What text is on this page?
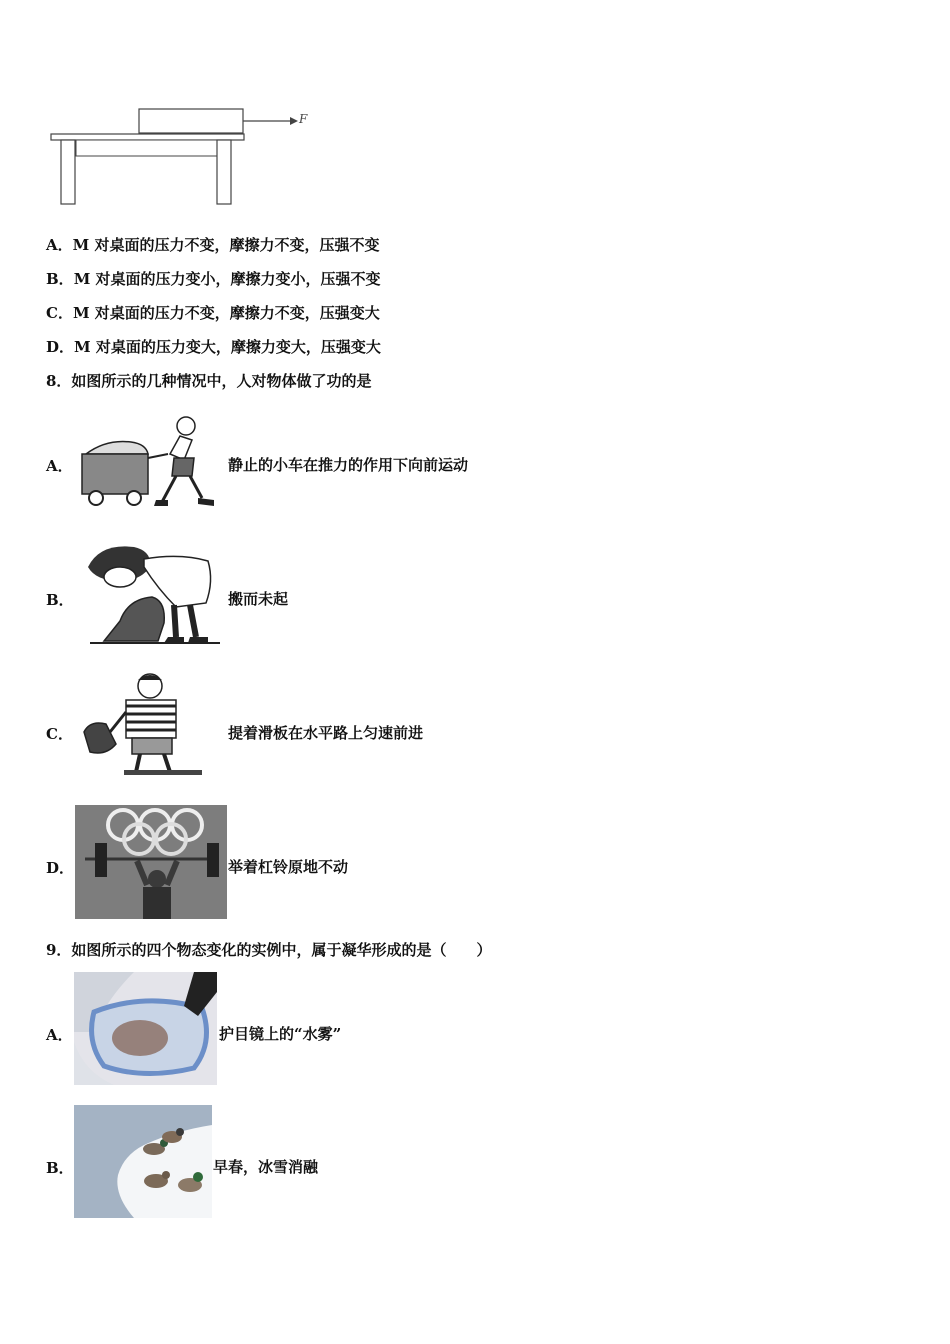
F
A．M 对桌面的压力不变，摩擦力不变，压强不变
B．M 对桌面的压力变小，摩擦力变小，压强不变
C．M 对桌面的压力不变，摩擦力不变，压强变大
D．M 对桌面的压力变大，摩擦力变大，压强变大
8．如图所示的几种情况中，人对物体做了功的是
A．	静止的小车在推力的作用下向前运动
B．	搬而未起
C．	提着滑板在水平路上匀速前进
D．	举着杠铃原地不动
9．如图所示的四个物态变化的实例中，属于凝华形成的是（　　）
A．	护目镜上的“水雾”
B．	早春，冰雪消融
